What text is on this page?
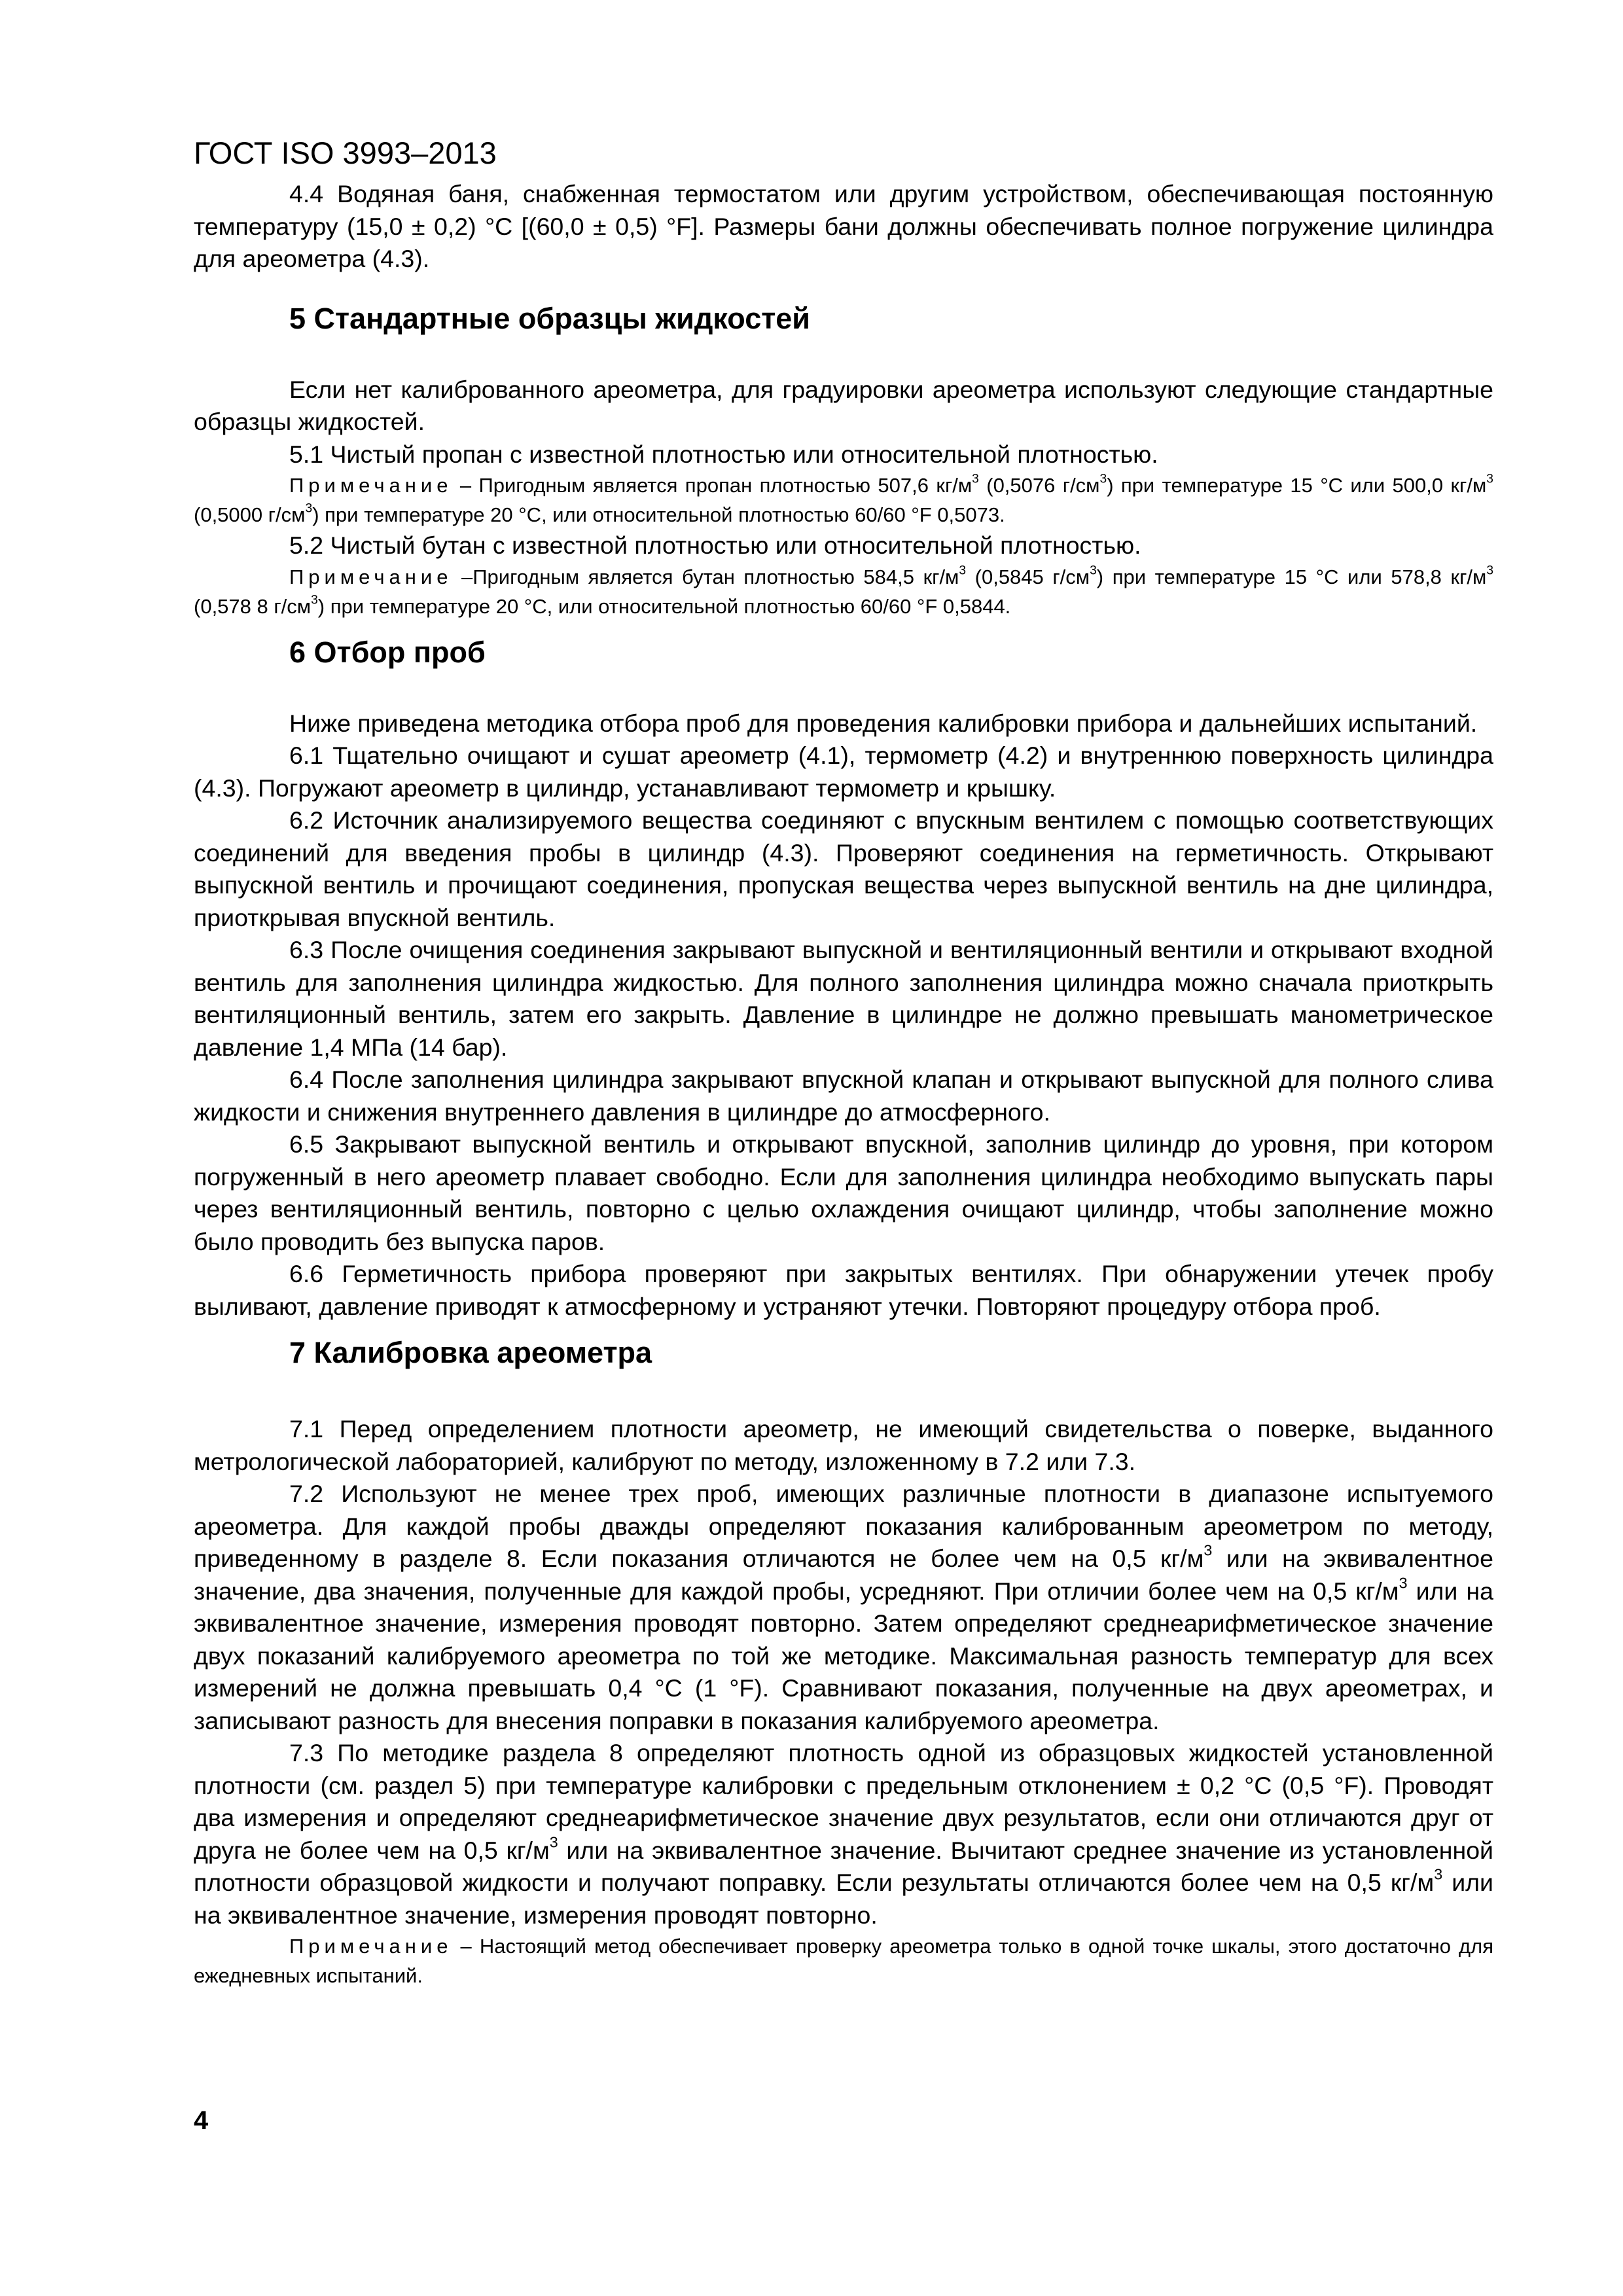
ГОСТ ISO 3993–2013

4.4 Водяная баня, снабженная термостатом или другим устройством, обеспечивающая постоянную температуру (15,0 ± 0,2) °C [(60,0 ± 0,5) °F]. Размеры бани должны обеспечивать полное погружение цилиндра для ареометра (4.3).

5 Стандартные образцы жидкостей

Если нет калиброванного ареометра, для градуировки ареометра используют следующие стандартные образцы жидкостей.

5.1 Чистый пропан с известной плотностью или относительной плотностью.

Примечание – Пригодным является пропан плотностью 507,6 $кг/м^3$ (0,5076 $г/см^3$) при температуре 15 °С или 500,0 $кг/м^3$ (0,5000 $г/см^3$) при температуре 20 °С, или относительной плотностью 60/60 °F 0,5073.

5.2 Чистый бутан с известной плотностью или относительной плотностью.

Примечание –Пригодным является бутан плотностью 584,5 $кг/м^3$ (0,5845 $г/см^3$) при температуре 15 °С или 578,8 $кг/м^3$ (0,578 8 $г/см^3$) при температуре 20 °С, или относительной плотностью 60/60 °F 0,5844.

6 Отбор проб

Ниже приведена методика отбора проб для проведения калибровки прибора и дальнейших испытаний.

6.1 Тщательно очищают и сушат ареометр (4.1), термометр (4.2) и внутреннюю поверхность цилиндра (4.3). Погружают ареометр в цилиндр, устанавливают термометр и крышку.

6.2 Источник анализируемого вещества соединяют с впускным вентилем с помощью соответствующих соединений для введения пробы в цилиндр (4.3). Проверяют соединения на герметичность. Открывают выпускной вентиль и прочищают соединения, пропуская вещества через выпускной вентиль на дне цилиндра, приоткрывая впускной вентиль.

6.3 После очищения соединения закрывают выпускной и вентиляционный вентили и открывают входной вентиль для заполнения цилиндра жидкостью. Для полного заполнения цилиндра можно сначала приоткрыть вентиляционный вентиль, затем его закрыть. Давление в цилиндре не должно превышать манометрическое давление 1,4 МПа (14 бар).

6.4 После заполнения цилиндра закрывают впускной клапан и открывают выпускной для полного слива жидкости и снижения внутреннего давления в цилиндре до атмосферного.

6.5 Закрывают выпускной вентиль и открывают впускной, заполнив цилиндр до уровня, при котором погруженный в него ареометр плавает свободно. Если для заполнения цилиндра необходимо выпускать пары через вентиляционный вентиль, повторно с целью охлаждения очищают цилиндр, чтобы заполнение можно было проводить без выпуска паров.

6.6 Герметичность прибора проверяют при закрытых вентилях. При обнаружении утечек пробу выливают, давление приводят к атмосферному и устраняют утечки. Повторяют процедуру отбора проб.

7 Калибровка ареометра

7.1 Перед определением плотности ареометр, не имеющий свидетельства о поверке, выданного метрологической лабораторией, калибруют по методу, изложенному в 7.2 или 7.3.

7.2 Используют не менее трех проб, имеющих различные плотности в диапазоне испытуемого ареометра. Для каждой пробы дважды определяют показания калиброванным ареометром по методу, приведенному в разделе 8. Если показания отличаются не более чем на 0,5 $кг/м^3$ или на эквивалентное значение, два значения, полученные для каждой пробы, усредняют. При отличии более чем на 0,5 $кг/м^3$ или на эквивалентное значение, измерения проводят повторно. Затем определяют среднеарифметическое значение двух показаний калибруемого ареометра по той же методике. Максимальная разность температур для всех измерений не должна превышать 0,4 °С (1 °F). Сравнивают показания, полученные на двух ареометрах, и записывают разность для внесения поправки в показания калибруемого ареометра.

7.3 По методике раздела 8 определяют плотность одной из образцовых жидкостей установленной плотности (см. раздел 5) при температуре калибровки с предельным отклонением ± 0,2 °С (0,5 °F). Проводят два измерения и определяют среднеарифметическое значение двух результатов, если они отличаются друг от друга не более чем на 0,5 $кг/м^3$ или на эквивалентное значение. Вычитают среднее значение из установленной плотности образцовой жидкости и получают поправку. Если результаты отличаются более чем на 0,5 $кг/м^3$ или на эквивалентное значение, измерения проводят повторно.

Примечание – Настоящий метод обеспечивает проверку ареометра только в одной точке шкалы, этого достаточно для ежедневных испытаний.

4
